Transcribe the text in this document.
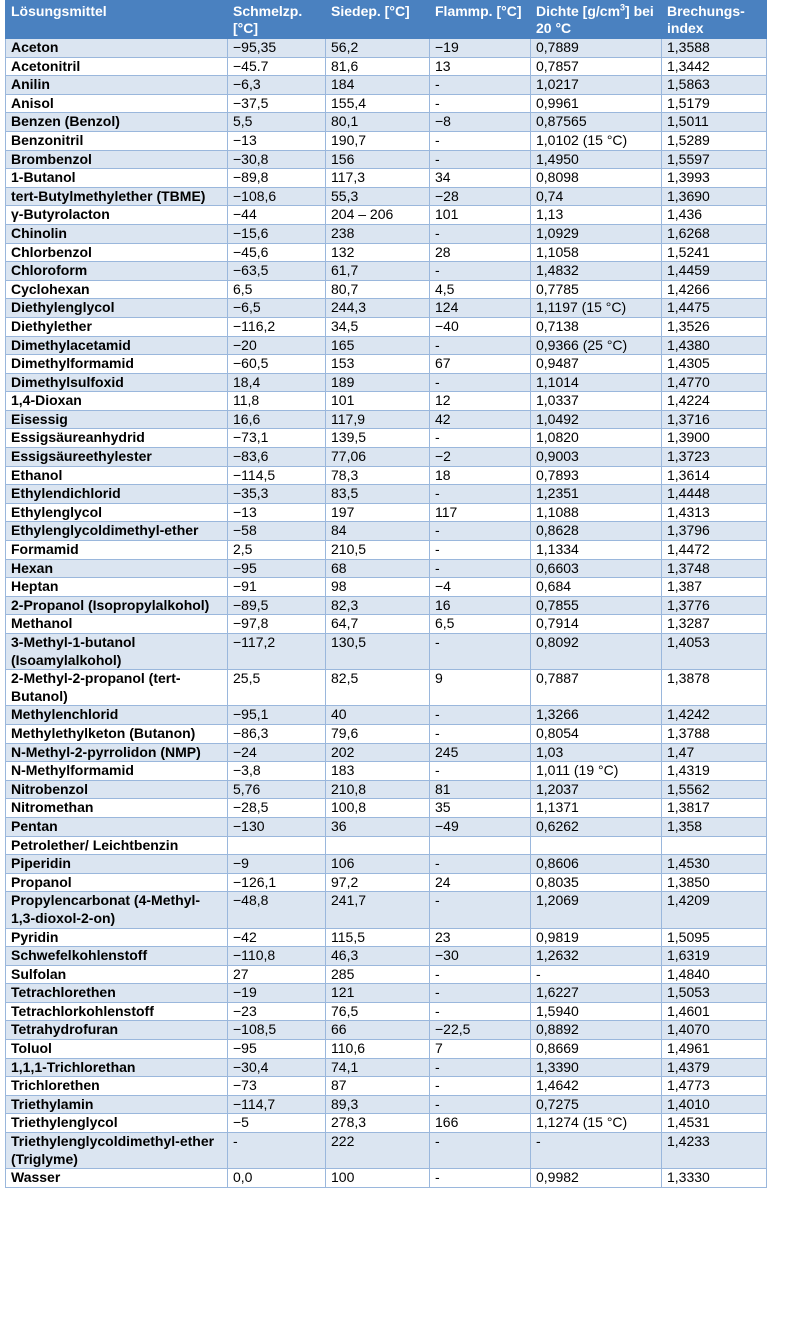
Lösungsmittel	Schmelzp. [°C]	Siedep. [°C]	Flammp. [°C]	Dichte $[g/cm^3]$ bei 20 °C	Brechungs- index
Aceton	−95,35	56,2	−19	0,7889	1,3588
Acetonitril	−45.7	81,6	13	0,7857	1,3442
Anilin	−6,3	184	-	1,0217	1,5863
Anisol	−37,5	155,4	-	0,9961	1,5179
Benzen (Benzol)	5,5	80,1	−8	0,87565	1,5011
Benzonitril	−13	190,7	-	1,0102 (15 °C)	1,5289
Brombenzol	−30,8	156	-	1,4950	1,5597
1-Butanol	−89,8	117,3	34	0,8098	1,3993
tert-Butylmethylether (TBME)	−108,6	55,3	−28	0,74	1,3690
γ-Butyrolacton	−44	204 – 206	101	1,13	1,436
Chinolin	−15,6	238	-	1,0929	1,6268
Chlorbenzol	−45,6	132	28	1,1058	1,5241
Chloroform	−63,5	61,7	-	1,4832	1,4459
Cyclohexan	6,5	80,7	4,5	0,7785	1,4266
Diethylenglycol	−6,5	244,3	124	1,1197 (15 °C)	1,4475
Diethylether	−116,2	34,5	−40	0,7138	1,3526
Dimethylacetamid	−20	165	-	0,9366 (25 °C)	1,4380
Dimethylformamid	−60,5	153	67	0,9487	1,4305
Dimethylsulfoxid	18,4	189	-	1,1014	1,4770
1,4-Dioxan	11,8	101	12	1,0337	1,4224
Eisessig	16,6	117,9	42	1,0492	1,3716
Essigsäureanhydrid	−73,1	139,5	-	1,0820	1,3900
Essigsäureethylester	−83,6	77,06	−2	0,9003	1,3723
Ethanol	−114,5	78,3	18	0,7893	1,3614
Ethylendichlorid	−35,3	83,5	-	1,2351	1,4448
Ethylenglycol	−13	197	117	1,1088	1,4313
Ethylenglycoldimethyl-ether	−58	84	-	0,8628	1,3796
Formamid	2,5	210,5	-	1,1334	1,4472
Hexan	−95	68	-	0,6603	1,3748
Heptan	−91	98	−4	0,684	1,387
2-Propanol (Isopropylalkohol)	−89,5	82,3	16	0,7855	1,3776
Methanol	−97,8	64,7	6,5	0,7914	1,3287
3-Methyl-1-butanol (Isoamylalkohol)	−117,2	130,5	-	0,8092	1,4053
2-Methyl-2-propanol (tert-Butanol)	25,5	82,5	9	0,7887	1,3878
Methylenchlorid	−95,1	40	-	1,3266	1,4242
Methylethylketon (Butanon)	−86,3	79,6	-	0,8054	1,3788
N-Methyl-2-pyrrolidon (NMP)	−24	202	245	1,03	1,47
N-Methylformamid	−3,8	183	-	1,011 (19 °C)	1,4319
Nitrobenzol	5,76	210,8	81	1,2037	1,5562
Nitromethan	−28,5	100,8	35	1,1371	1,3817
Pentan	−130	36	−49	0,6262	1,358
Petrolether/ Leichtbenzin					
Piperidin	−9	106	-	0,8606	1,4530
Propanol	−126,1	97,2	24	0,8035	1,3850
Propylencarbonat (4-Methyl-1,3-dioxol-2-on)	−48,8	241,7	-	1,2069	1,4209
Pyridin	−42	115,5	23	0,9819	1,5095
Schwefelkohlenstoff	−110,8	46,3	−30	1,2632	1,6319
Sulfolan	27	285	-	-	1,4840
Tetrachlorethen	−19	121	-	1,6227	1,5053
Tetrachlorkohlenstoff	−23	76,5	-	1,5940	1,4601
Tetrahydrofuran	−108,5	66	−22,5	0,8892	1,4070
Toluol	−95	110,6	7	0,8669	1,4961
1,1,1-Trichlorethan	−30,4	74,1	-	1,3390	1,4379
Trichlorethen	−73	87	-	1,4642	1,4773
Triethylamin	−114,7	89,3	-	0,7275	1,4010
Triethylenglycol	−5	278,3	166	1,1274 (15 °C)	1,4531
Triethylenglycoldimethyl-ether (Triglyme)	-	222	-	-	1,4233
Wasser	0,0	100	-	0,9982	1,3330
